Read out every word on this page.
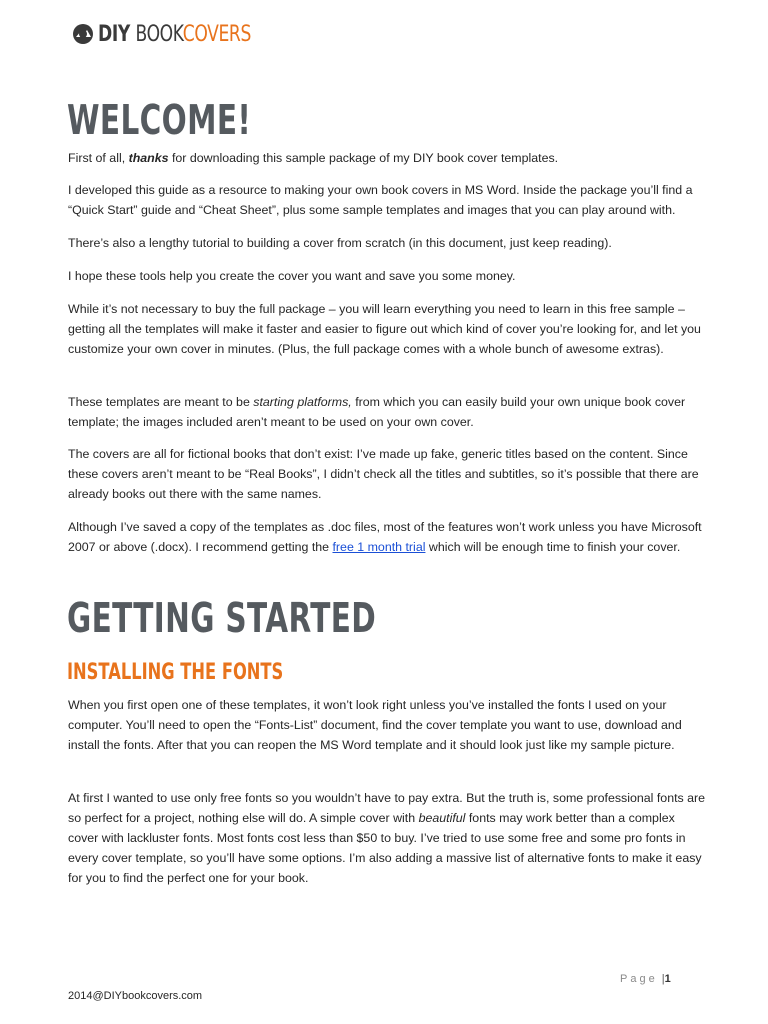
DIY BOOKCOVERS
WELCOME!

First of all, thanks for downloading this sample package of my DIY book cover templates.

I developed this guide as a resource to making your own book covers in MS Word. Inside the package you’ll find a “Quick Start” guide and “Cheat Sheet”, plus some sample templates and images that you can play around with.

There’s also a lengthy tutorial to building a cover from scratch (in this document, just keep reading).

I hope these tools help you create the cover you want and save you some money.

While it’s not necessary to buy the full package – you will learn everything you need to learn in this free sample – getting all the templates will make it faster and easier to figure out which kind of cover you’re looking for, and let you customize your own cover in minutes. (Plus, the full package comes with a whole bunch of awesome extras).

These templates are meant to be starting platforms, from which you can easily build your own unique book cover template; the images included aren’t meant to be used on your own cover.

The covers are all for fictional books that don’t exist: I’ve made up fake, generic titles based on the content. Since these covers aren’t meant to be “Real Books”, I didn’t check all the titles and subtitles, so it’s possible that there are already books out there with the same names.

Although I’ve saved a copy of the templates as .doc files, most of the features won’t work unless you have Microsoft 2007 or above (.docx). I recommend getting the free 1 month trial which will be enough time to finish your cover.

GETTING STARTED
INSTALLING THE FONTS

When you first open one of these templates, it won’t look right unless you’ve installed the fonts I used on your computer. You’ll need to open the “Fonts-List” document, find the cover template you want to use, download and install the fonts. After that you can reopen the MS Word template and it should look just like my sample picture.

At first I wanted to use only free fonts so you wouldn’t have to pay extra. But the truth is, some professional fonts are so perfect for a project, nothing else will do. A simple cover with beautiful fonts may work better than a complex cover with lackluster fonts. Most fonts cost less than $50 to buy. I’ve tried to use some free and some pro fonts in every cover template, so you’ll have some options. I’m also adding a massive list of alternative fonts to make it easy for you to find the perfect one for your book.

Page |1
2014@DIYbookcovers.com
